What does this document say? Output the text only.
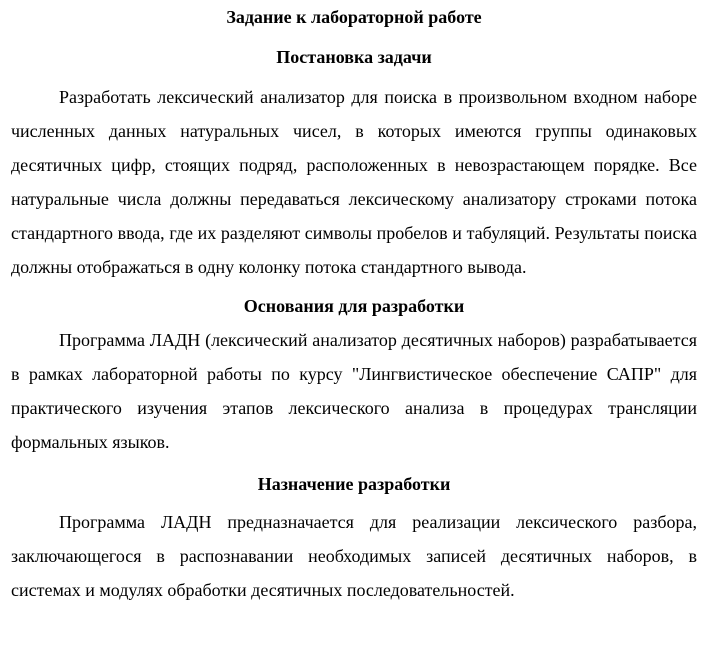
Задание к лабораторной работе
Постановка задачи

Разработать лексический анализатор для поиска в произвольном входном наборе численных данных натуральных чисел, в которых имеются группы одинаковых десятичных цифр, стоящих подряд, расположенных в невозрастающем порядке. Все натуральные числа должны передаваться лексическому анализатору строками потока стандартного ввода, где их разделяют символы пробелов и табуляций. Результаты поиска должны отображаться в одну колонку потока стандартного вывода.

Основания для разработки

Программа ЛАДН (лексический анализатор десятичных наборов) разрабатывается в рамках лабораторной работы по курсу "Лингвистическое обеспечение САПР" для практического изучения этапов лексического анализа в процедурах трансляции формальных языков.

Назначение разработки

Программа ЛАДН предназначается для реализации лексического разбора, заключающегося в распознавании необходимых записей десятичных наборов, в системах и модулях обработки десятичных последовательностей.
